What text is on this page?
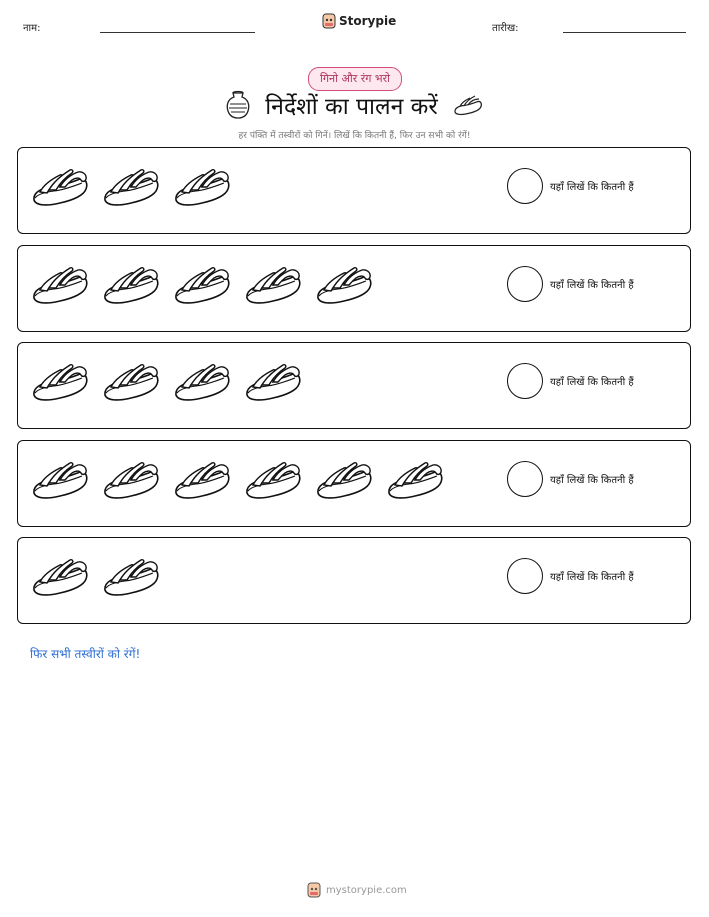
नाम:
Storypie
तारीख:
गिनो और रंग भरो
निर्देशों का पालन करें
हर पंक्ति में तस्वीरों को गिनें। लिखें कि कितनी हैं, फिर उन सभी को रंगें!
यहाँ लिखें कि कितनी हैं
यहाँ लिखें कि कितनी हैं
यहाँ लिखें कि कितनी हैं
यहाँ लिखें कि कितनी हैं
यहाँ लिखें कि कितनी हैं
फिर सभी तस्वीरों को रंगें!
mystorypie.com
